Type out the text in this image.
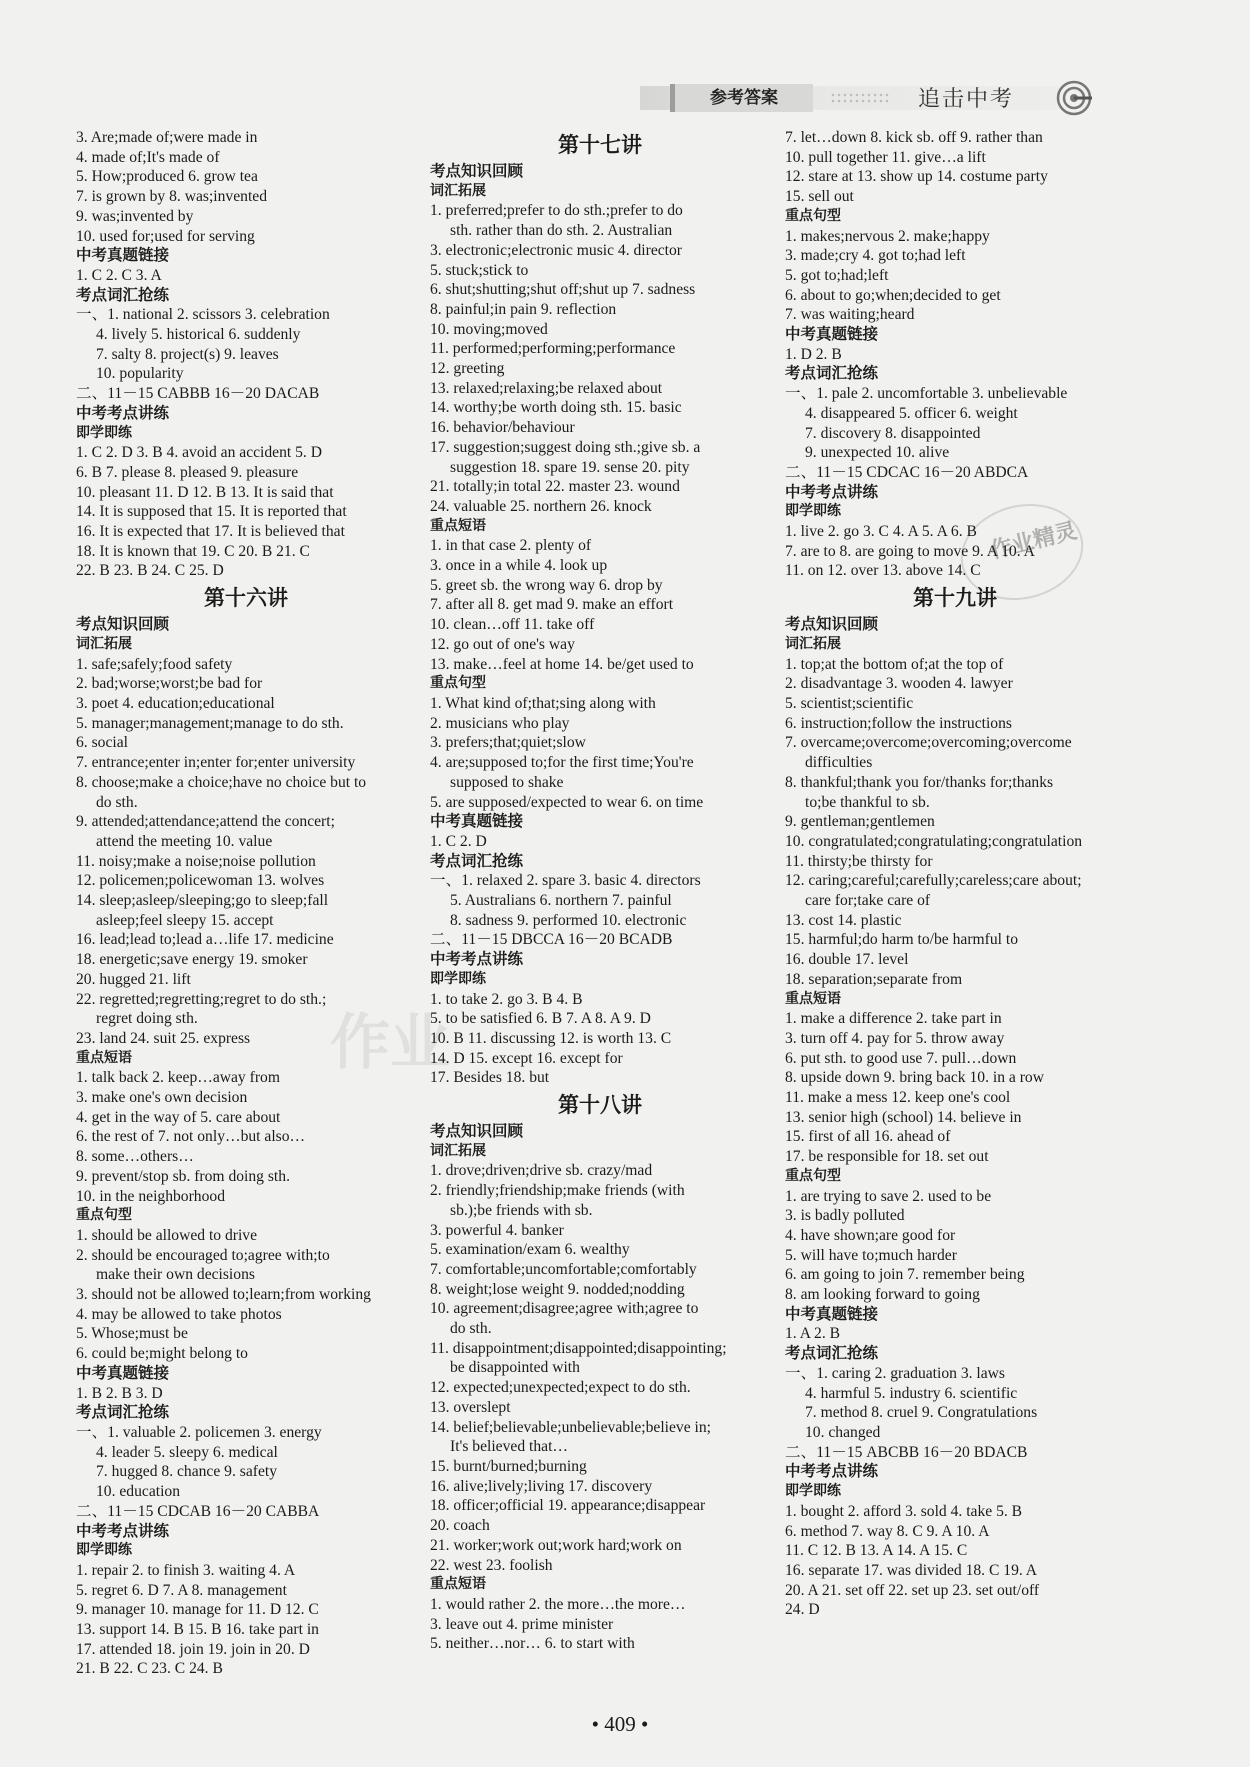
参考答案	追击中考
作业
作业精灵
3. Are;made of;were made in
4. made of;It's made of
5. How;produced 6. grow tea
7. is grown by 8. was;invented
9. was;invented by
10. used for;used for serving
中考真题链接
1. C 2. C 3. A
考点词汇抢练
一、1. national 2. scissors 3. celebration
4. lively 5. historical 6. suddenly
7. salty 8. project(s) 9. leaves
10. popularity
二、11－15 CABBB 16－20 DACAB
中考考点讲练
即学即练
1. C 2. D 3. B 4. avoid an accident 5. D
6. B 7. please 8. pleased 9. pleasure
10. pleasant 11. D 12. B 13. It is said that
14. It is supposed that 15. It is reported that
16. It is expected that 17. It is believed that
18. It is known that 19. C 20. B 21. C
22. B 23. B 24. C 25. D
第十六讲
考点知识回顾
词汇拓展
1. safe;safely;food safety
2. bad;worse;worst;be bad for
3. poet 4. education;educational
5. manager;management;manage to do sth.
6. social
7. entrance;enter in;enter for;enter university
8. choose;make a choice;have no choice but to
do sth.
9. attended;attendance;attend the concert;
attend the meeting 10. value
11. noisy;make a noise;noise pollution
12. policemen;policewoman 13. wolves
14. sleep;asleep/sleeping;go to sleep;fall
asleep;feel sleepy 15. accept
16. lead;lead to;lead a…life 17. medicine
18. energetic;save energy 19. smoker
20. hugged 21. lift
22. regretted;regretting;regret to do sth.;
regret doing sth.
23. land 24. suit 25. express
重点短语
1. talk back 2. keep…away from
3. make one's own decision
4. get in the way of 5. care about
6. the rest of 7. not only…but also…
8. some…others…
9. prevent/stop sb. from doing sth.
10. in the neighborhood
重点句型
1. should be allowed to drive
2. should be encouraged to;agree with;to
make their own decisions
3. should not be allowed to;learn;from working
4. may be allowed to take photos
5. Whose;must be
6. could be;might belong to
中考真题链接
1. B 2. B 3. D
考点词汇抢练
一、1. valuable 2. policemen 3. energy
4. leader 5. sleepy 6. medical
7. hugged 8. chance 9. safety
10. education
二、11－15 CDCAB 16－20 CABBA
中考考点讲练
即学即练
1. repair 2. to finish 3. waiting 4. A
5. regret 6. D 7. A 8. management
9. manager 10. manage for 11. D 12. C
13. support 14. B 15. B 16. take part in
17. attended 18. join 19. join in 20. D
21. B 22. C 23. C 24. B
第十七讲
考点知识回顾
词汇拓展
1. preferred;prefer to do sth.;prefer to do
sth. rather than do sth. 2. Australian
3. electronic;electronic music 4. director
5. stuck;stick to
6. shut;shutting;shut off;shut up 7. sadness
8. painful;in pain 9. reflection
10. moving;moved
11. performed;performing;performance
12. greeting
13. relaxed;relaxing;be relaxed about
14. worthy;be worth doing sth. 15. basic
16. behavior/behaviour
17. suggestion;suggest doing sth.;give sb. a
suggestion 18. spare 19. sense 20. pity
21. totally;in total 22. master 23. wound
24. valuable 25. northern 26. knock
重点短语
1. in that case 2. plenty of
3. once in a while 4. look up
5. greet sb. the wrong way 6. drop by
7. after all 8. get mad 9. make an effort
10. clean…off 11. take off
12. go out of one's way
13. make…feel at home 14. be/get used to
重点句型
1. What kind of;that;sing along with
2. musicians who play
3. prefers;that;quiet;slow
4. are;supposed to;for the first time;You're
supposed to shake
5. are supposed/expected to wear 6. on time
中考真题链接
1. C 2. D
考点词汇抢练
一、1. relaxed 2. spare 3. basic 4. directors
5. Australians 6. northern 7. painful
8. sadness 9. performed 10. electronic
二、11－15 DBCCA 16－20 BCADB
中考考点讲练
即学即练
1. to take 2. go 3. B 4. B
5. to be satisfied 6. B 7. A 8. A 9. D
10. B 11. discussing 12. is worth 13. C
14. D 15. except 16. except for
17. Besides 18. but
第十八讲
考点知识回顾
词汇拓展
1. drove;driven;drive sb. crazy/mad
2. friendly;friendship;make friends (with
sb.);be friends with sb.
3. powerful 4. banker
5. examination/exam 6. wealthy
7. comfortable;uncomfortable;comfortably
8. weight;lose weight 9. nodded;nodding
10. agreement;disagree;agree with;agree to
do sth.
11. disappointment;disappointed;disappointing;
be disappointed with
12. expected;unexpected;expect to do sth.
13. overslept
14. belief;believable;unbelievable;believe in;
It's believed that…
15. burnt/burned;burning
16. alive;lively;living 17. discovery
18. officer;official 19. appearance;disappear
20. coach
21. worker;work out;work hard;work on
22. west 23. foolish
重点短语
1. would rather 2. the more…the more…
3. leave out 4. prime minister
5. neither…nor… 6. to start with
7. let…down 8. kick sb. off 9. rather than
10. pull together 11. give…a lift
12. stare at 13. show up 14. costume party
15. sell out
重点句型
1. makes;nervous 2. make;happy
3. made;cry 4. got to;had left
5. got to;had;left
6. about to go;when;decided to get
7. was waiting;heard
中考真题链接
1. D 2. B
考点词汇抢练
一、1. pale 2. uncomfortable 3. unbelievable
4. disappeared 5. officer 6. weight
7. discovery 8. disappointed
9. unexpected 10. alive
二、11－15 CDCAC 16－20 ABDCA
中考考点讲练
即学即练
1. live 2. go 3. C 4. A 5. A 6. B
7. are to 8. are going to move 9. A 10. A
11. on 12. over 13. above 14. C
第十九讲
考点知识回顾
词汇拓展
1. top;at the bottom of;at the top of
2. disadvantage 3. wooden 4. lawyer
5. scientist;scientific
6. instruction;follow the instructions
7. overcame;overcome;overcoming;overcome
difficulties
8. thankful;thank you for/thanks for;thanks
to;be thankful to sb.
9. gentleman;gentlemen
10. congratulated;congratulating;congratulation
11. thirsty;be thirsty for
12. caring;careful;carefully;careless;care about;
care for;take care of
13. cost 14. plastic
15. harmful;do harm to/be harmful to
16. double 17. level
18. separation;separate from
重点短语
1. make a difference 2. take part in
3. turn off 4. pay for 5. throw away
6. put sth. to good use 7. pull…down
8. upside down 9. bring back 10. in a row
11. make a mess 12. keep one's cool
13. senior high (school) 14. believe in
15. first of all 16. ahead of
17. be responsible for 18. set out
重点句型
1. are trying to save 2. used to be
3. is badly polluted
4. have shown;are good for
5. will have to;much harder
6. am going to join 7. remember being
8. am looking forward to going
中考真题链接
1. A 2. B
考点词汇抢练
一、1. caring 2. graduation 3. laws
4. harmful 5. industry 6. scientific
7. method 8. cruel 9. Congratulations
10. changed
二、11－15 ABCBB 16－20 BDACB
中考考点讲练
即学即练
1. bought 2. afford 3. sold 4. take 5. B
6. method 7. way 8. C 9. A 10. A
11. C 12. B 13. A 14. A 15. C
16. separate 17. was divided 18. C 19. A
20. A 21. set off 22. set up 23. set out/off
24. D
• 409 •
